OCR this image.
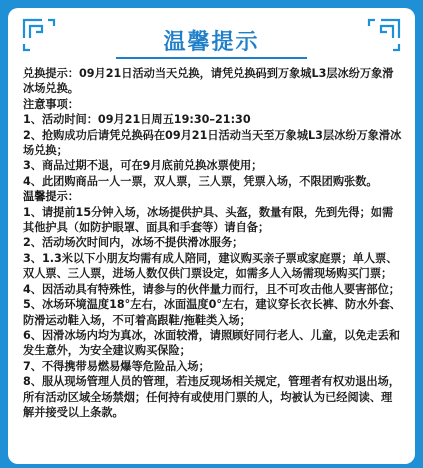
温馨提示

兑换提示：09月21日活动当天兑换，请凭兑换码到万象城L3层冰纷万象滑冰场兑换。

注意事项：

1、活动时间：09月21日周五19:30–21:30

2、抢购成功后请凭兑换码在09月21日活动当天至万象城L3层冰纷万象滑冰场兑换；

3、商品过期不退，可在9月底前兑换冰票使用；

4、此团购商品一人一票，双人票，三人票，凭票入场，不限团购张数。

温馨提示：

1、请提前15分钟入场，冰场提供护具、头盔，数量有限，先到先得；如需其他护具（如防护眼罩、面具和手套等）请自备；

2、活动场次时间内，冰场不提供滑冰服务；

3、1.3米以下小朋友均需有成人陪同，建议购买亲子票或家庭票；单人票、双人票、三人票，进场人数仅供门票设定，如需多人入场需现场购买门票；

4、因活动具有特殊性，请参与的伙伴量力而行，且不可攻击他人要害部位；

5、冰场环境温度18°左右，冰面温度0°左右，建议穿长衣长裤、防水外套、防滑运动鞋入场，不可着高跟鞋/拖鞋类入场；

6、因滑冰场内均为真冰，冰面较滑，请照顾好同行老人、儿童，以免走丢和发生意外，为安全建议购买保险；

7、不得携带易燃易爆等危险品入场；

8、服从现场管理人员的管理，若违反现场相关规定，管理者有权劝退出场，所有活动区域全场禁烟；任何持有或使用门票的人，均被认为已经阅读、理解并接受以上条款。
